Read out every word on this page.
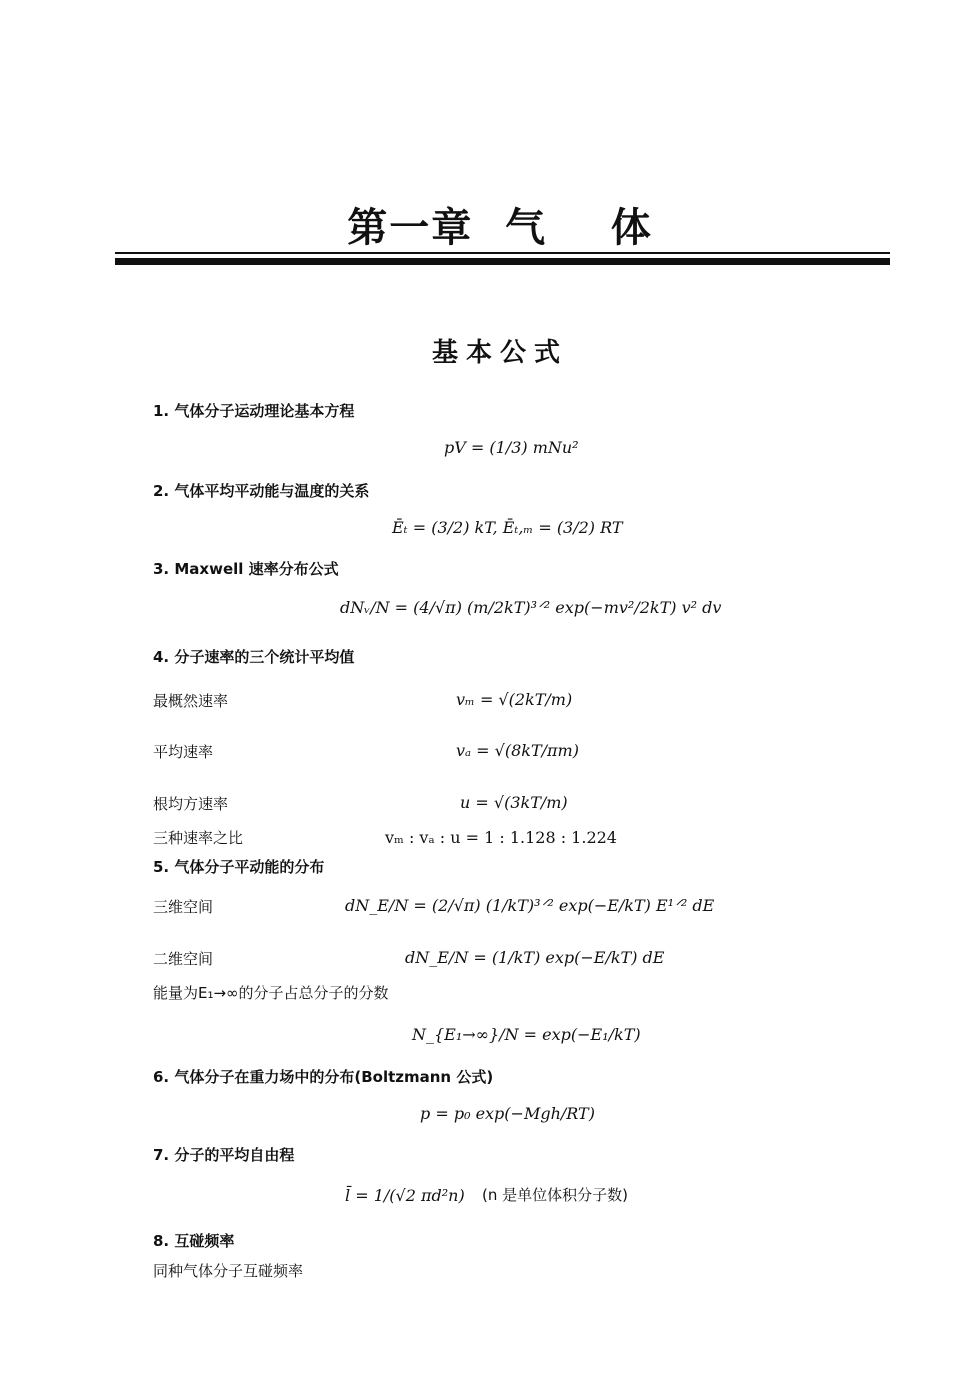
第一章  气    体
基本公式
1. 气体分子运动理论基本方程
pV = (1/3) mNu²
2. 气体平均平动能与温度的关系
Ēₜ = (3/2) kT, Ēₜ,ₘ = (3/2) RT
3. Maxwell 速率分布公式
dNᵥ/N = (4/√π) (m/2kT)³ᐟ² exp(−mv²/2kT) v² dv
4. 分子速率的三个统计平均值
最概然速率	vₘ = √(2kT/m)
平均速率	vₐ = √(8kT/πm)
根均方速率	u = √(3kT/m)
三种速率之比	vₘ : vₐ : u = 1 : 1.128 : 1.224
5. 气体分子平动能的分布
三维空间	dN_E/N = (2/√π) (1/kT)³ᐟ² exp(−E/kT) E¹ᐟ² dE
二维空间	dN_E/N = (1/kT) exp(−E/kT) dE
能量为E₁→∞的分子占总分子的分数
N_{E₁→∞}/N = exp(−E₁/kT)
6. 气体分子在重力场中的分布(Boltzmann 公式)
p = p₀ exp(−Mgh/RT)
7. 分子的平均自由程
l̄ = 1/(√2 πd²n) (n 是单位体积分子数)
8. 互碰频率
同种气体分子互碰频率
